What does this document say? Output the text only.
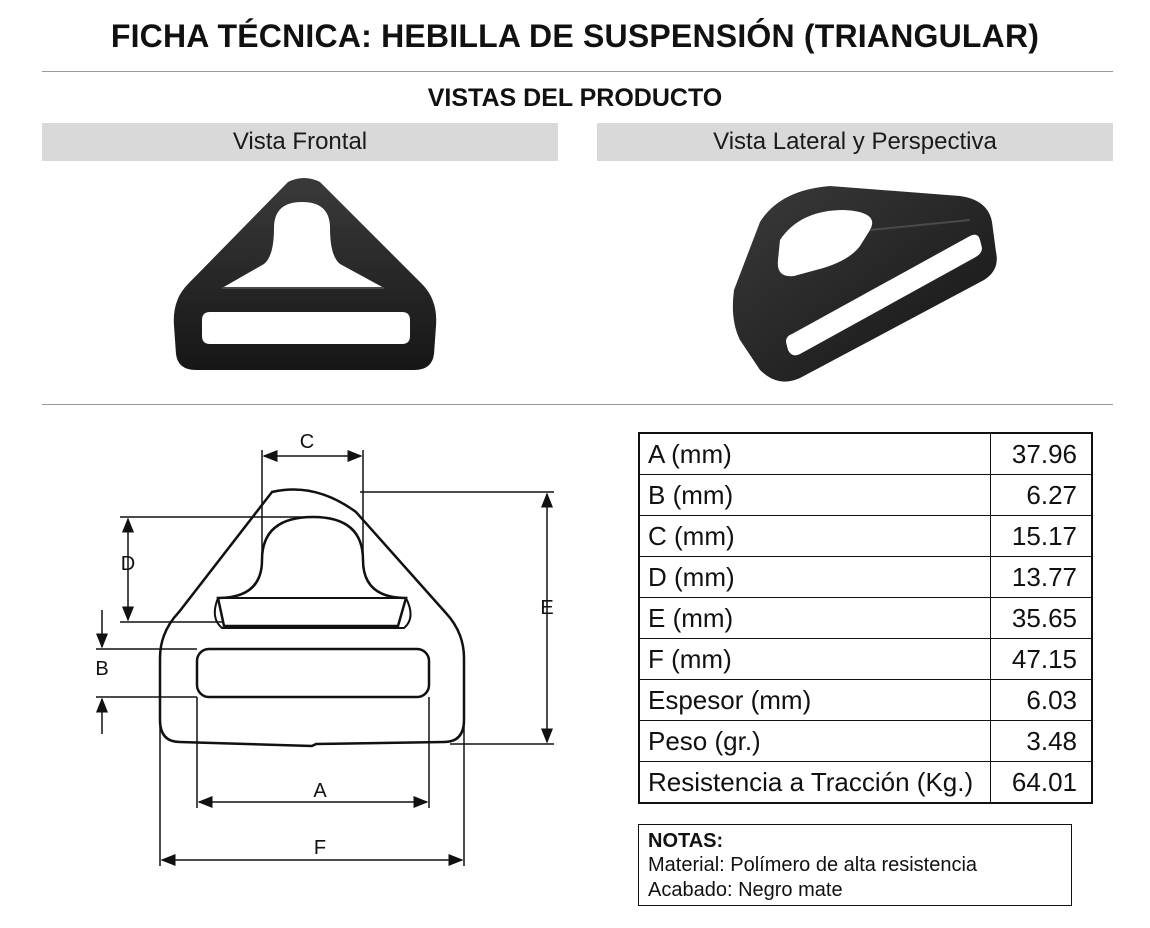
FICHA TÉCNICA: HEBILLA DE SUSPENSIÓN (TRIANGULAR)
VISTAS DEL PRODUCTO
Vista Frontal	Vista Lateral y Perspectiva
C
D
B
E
A
F
A (mm)	37.96
B (mm)	6.27
C (mm)	15.17
D (mm)	13.77
E (mm)	35.65
F (mm)	47.15
Espesor (mm)	6.03
Peso (gr.)	3.48
Resistencia a Tracción (Kg.)	64.01
NOTAS:
Material: Polímero de alta resistencia
Acabado: Negro mate
